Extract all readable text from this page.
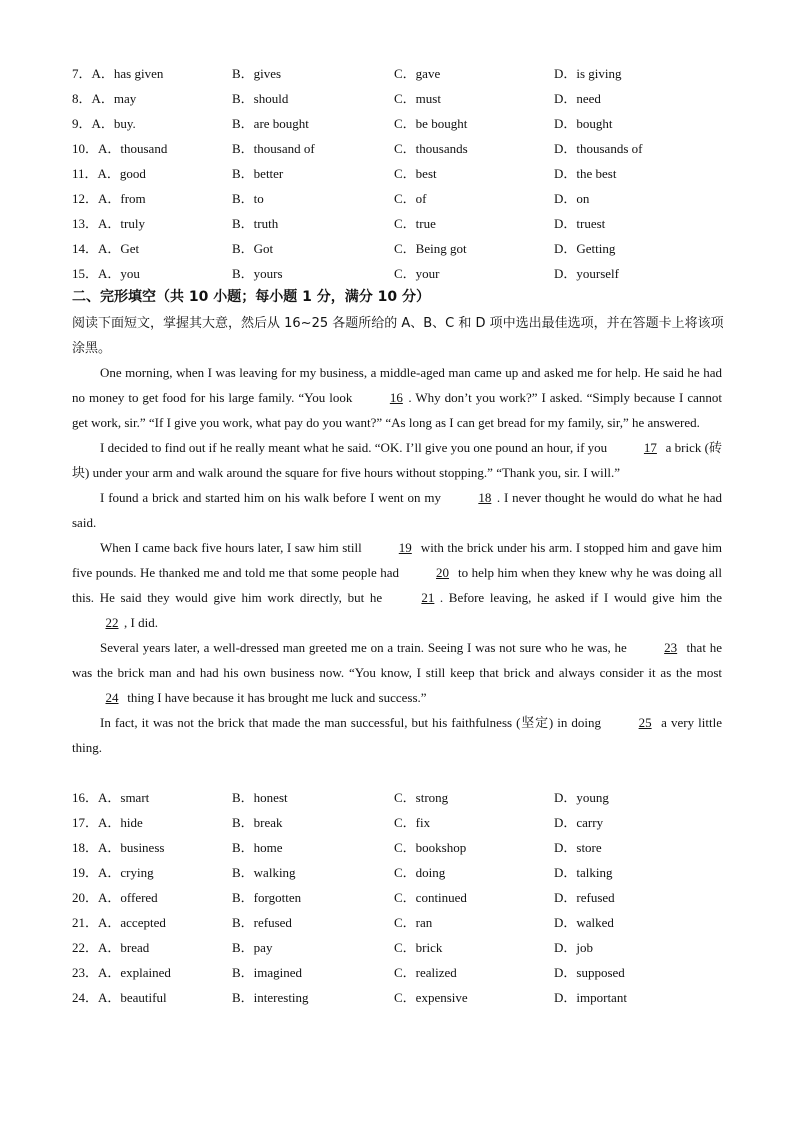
7．A．has given	B．gives	C．gave	D．is giving
8．A．may	B．should	C．must	D．need
9．A．buy.	B．are bought	C．be bought	D．bought
10．A．thousand	B．thousand of	C．thousands	D．thousands of
11．A．good	B．better	C．best	D．the best
12．A．from	B．to	C．of	D．on
13．A．truly	B．truth	C．true	D．truest
14．A．Get	B．Got	C．Being got	D．Getting
15．A．you	B．yours	C．your	D．yourself
二、完形填空（共 10 小题；每小题 1 分，满分 10 分）
阅读下面短文，掌握其大意，然后从 16~25 各题所给的 A、B、C 和 D 项中选出最佳选项，并在答题卡上将该项涂黑。

One morning, when I was leaving for my business, a middle-aged man came up and asked me for help. He said he had no money to get food for his large family. “You look	16 . Why don’t you work?” I asked. “Simply because I cannot get work, sir.” “If I give you work, what pay do you want?” “As long as I can get bread for my family, sir,” he answered.

I decided to find out if he really meant what he said. “OK. I’ll give you one pound an hour, if you	17 a brick (砖块) under your arm and walk around the square for five hours without stopping.” “Thank you, sir. I will.”

I found a brick and started him on his walk before I went on my	18 . I never thought he would do what he had said.

When I came back five hours later, I saw him still	19 with the brick under his arm. I stopped him and gave him five pounds. He thanked me and told me that some people had	20 to help him when they knew why he was doing all this. He said they would give him work directly, but he	21 . Before leaving, he asked if I would give him the 22 , I did.

Several years later, a well-dressed man greeted me on a train. Seeing I was not sure who he was, he	23 that he was the brick man and had his own business now. “You know, I still keep that brick and always consider it as the most 24 thing I have because it has brought me luck and success.”

In fact, it was not the brick that made the man successful, but his faithfulness (坚定) in doing	25 a very little thing.

16．A．smart	B．honest	C．strong	D．young
17．A．hide	B．break	C．fix	D．carry
18．A．business	B．home	C．bookshop	D．store
19．A．crying	B．walking	C．doing	D．talking
20．A．offered	B．forgotten	C．continued	D．refused
21．A．accepted	B．refused	C．ran	D．walked
22．A．bread	B．pay	C．brick	D．job
23．A．explained	B．imagined	C．realized	D．supposed
24．A．beautiful	B．interesting	C．expensive	D．important
